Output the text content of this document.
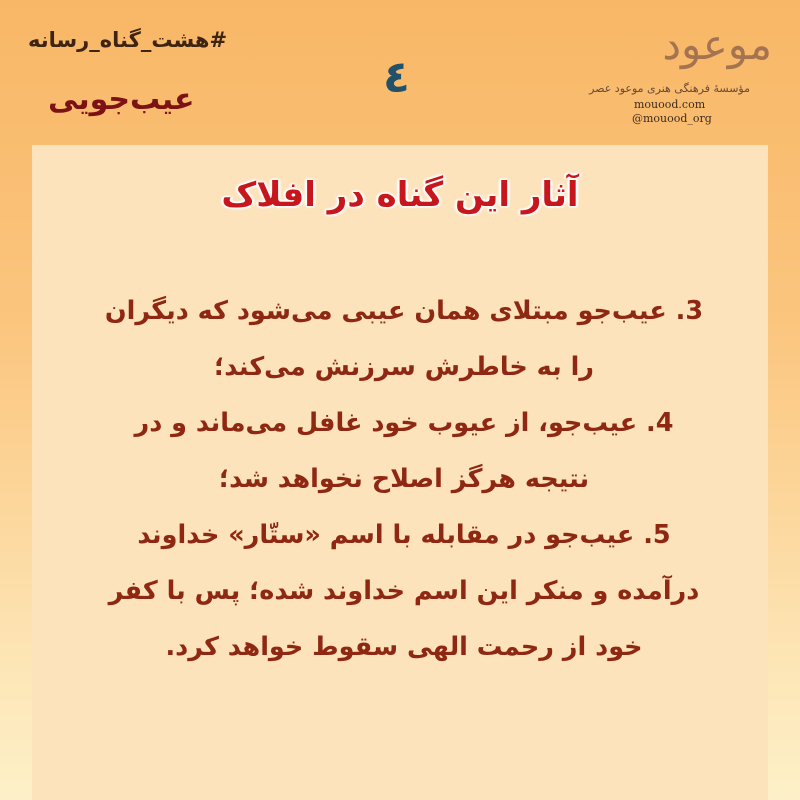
#هشت_گناه_رسانه
عیب‌جویی	٤
موعود
مؤسسهٔ فرهنگی هنری موعود عصر
mouood.com
@mouood_org
آثار این گناه در افلاک
3. عیب‌جو مبتلای همان عیبی می‌شود که دیگران
را به خاطرش سرزنش می‌کند؛
4. عیب‌جو، از عیوب خود غافل می‌ماند و در
نتیجه هرگز اصلاح نخواهد شد؛
5. عیب‌جو در مقابله با اسم «ستّار» خداوند
درآمده و منکر این اسم خداوند شده؛ پس با کفر
خود از رحمت الهی سقوط خواهد کرد.
